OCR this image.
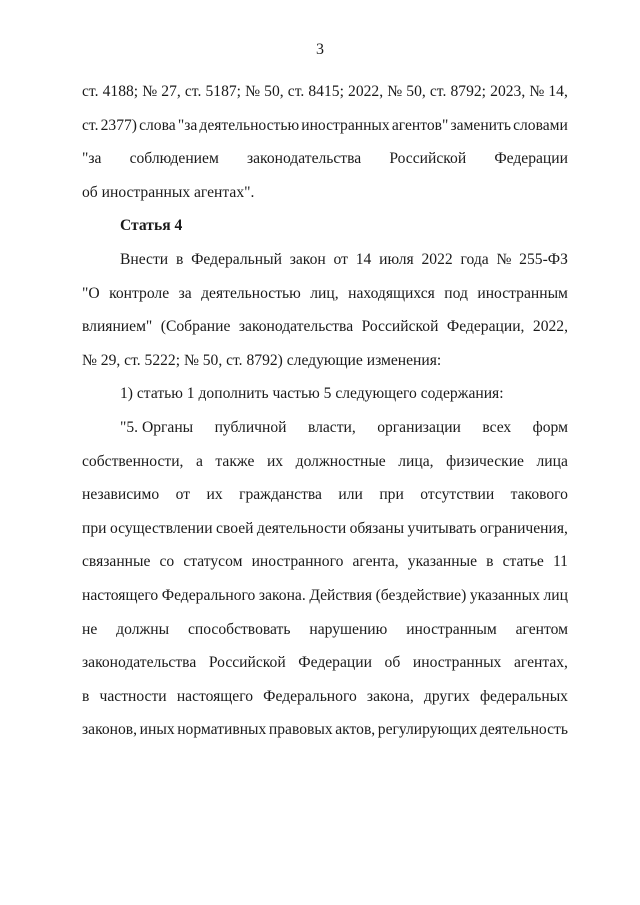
3
ст. 4188; № 27, ст. 5187; № 50, ст. 8415; 2022, № 50, ст. 8792; 2023, № 14,
ст. 2377) слова "за деятельностью иностранных агентов" заменить словами
"за соблюдением законодательства Российской Федерации
об иностранных агентах".
Статья 4
Внести в Федеральный закон от 14 июля 2022 года № 255-ФЗ
"О контроле за деятельностью лиц, находящихся под иностранным
влиянием" (Собрание законодательства Российской Федерации, 2022,
№ 29, ст. 5222; № 50, ст. 8792) следующие изменения:
1) статью 1 дополнить частью 5 следующего содержания:
"5. Органы публичной власти, организации всех форм
собственности, а также их должностные лица, физические лица
независимо от их гражданства или при отсутствии такового
при осуществлении своей деятельности обязаны учитывать ограничения,
связанные со статусом иностранного агента, указанные в статье 11
настоящего Федерального закона. Действия (бездействие) указанных лиц
не должны способствовать нарушению иностранным агентом
законодательства Российской Федерации об иностранных агентах,
в частности настоящего Федерального закона, других федеральных
законов, иных нормативных правовых актов, регулирующих деятельность
